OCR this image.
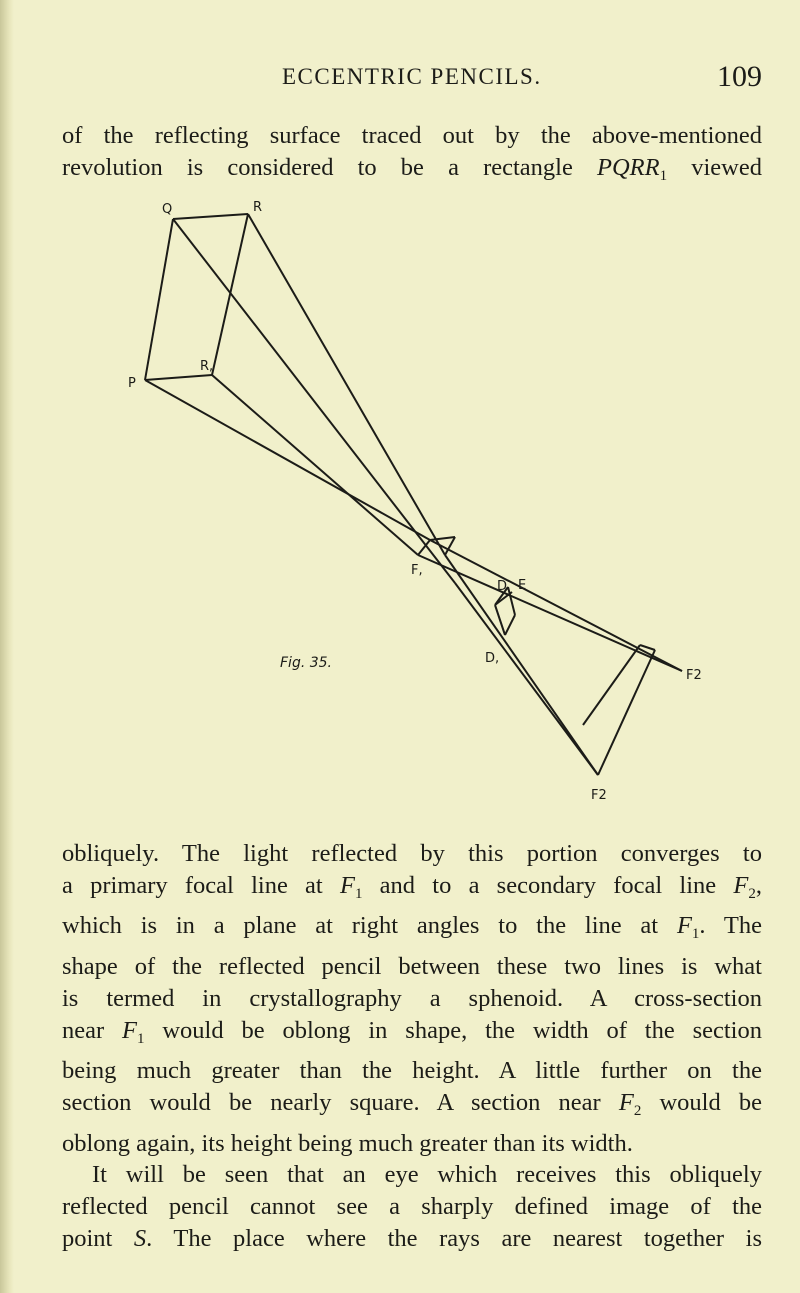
ECCENTRIC PENCILS.	109

of the reflecting surface traced out by the above-mentioned
revolution is considered to be a rectangle $PQRR_1$ viewed

Q	R
P
R,
F,
E
D
D,
F2
F2
Fig. 35.

obliquely. The light reflected by this portion converges to
a primary focal line at $F_1$ and to a secondary focal line $F_2$,
which is in a plane at right angles to the line at $F_1$. The
shape of the reflected pencil between these two lines is what
is termed in crystallography a sphenoid. A cross-section
near $F_1$ would be oblong in shape, the width of the section
being much greater than the height. A little further on the
section would be nearly square. A section near $F_2$ would be
oblong again, its height being much greater than its width.
It will be seen that an eye which receives this obliquely
reflected pencil cannot see a sharply defined image of the
point S. The place where the rays are nearest together is
